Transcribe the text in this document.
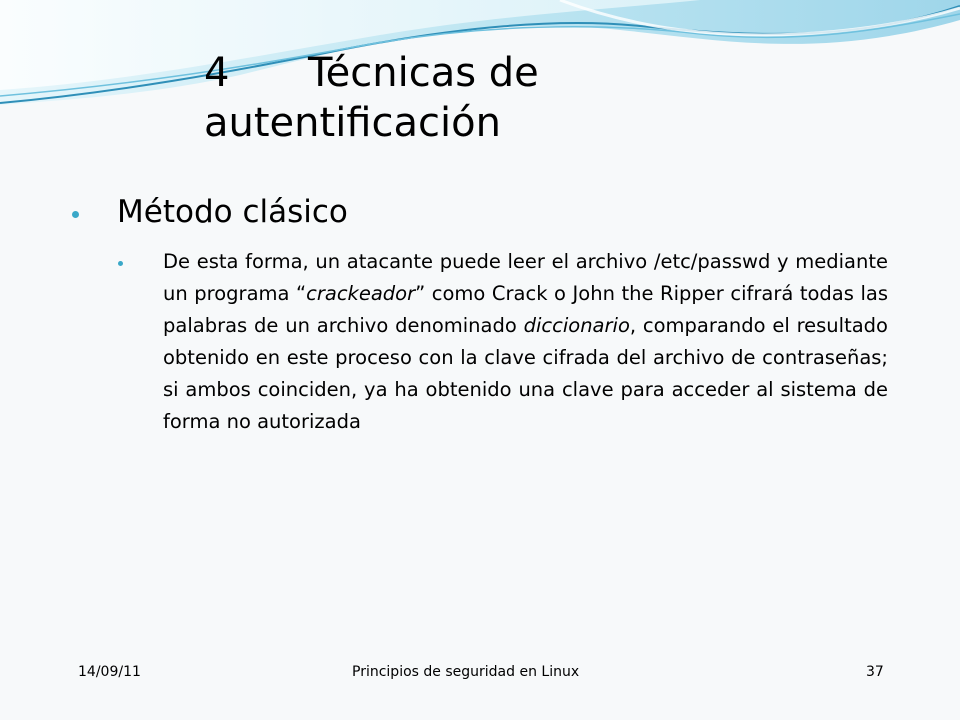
4 Técnicas de
autentificación
Método clásico
De esta forma, un atacante puede leer el archivo /etc/passwd y mediante un programa “crackeador” como Crack o John the Ripper cifrará todas las palabras de un archivo denominado diccionario, comparando el resultado obtenido en este proceso con la clave cifrada del archivo de contraseñas; si ambos coinciden, ya ha obtenido una clave para acceder al sistema de forma no autorizada
14/09/11	Principios de seguridad en Linux	37
